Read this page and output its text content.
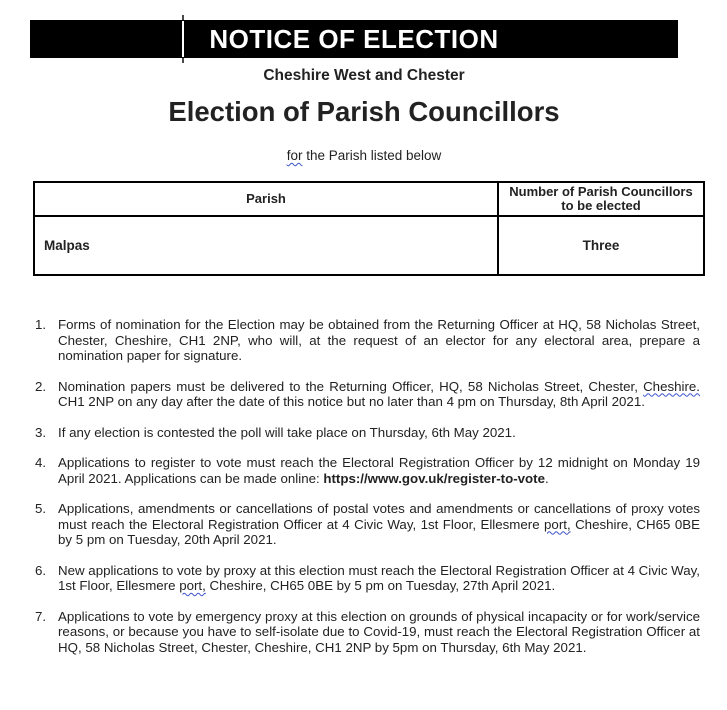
NOTICE OF ELECTION
Cheshire West and Chester
Election of Parish Councillors
for the Parish listed below
Parish	Number of Parish Councillors to be elected
Malpas	Three
1. Forms of nomination for the Election may be obtained from the Returning Officer at HQ, 58 Nicholas Street, Chester, Cheshire, CH1 2NP, who will, at the request of an elector for any electoral area, prepare a nomination paper for signature.
2. Nomination papers must be delivered to the Returning Officer, HQ, 58 Nicholas Street, Chester, Cheshire. CH1 2NP on any day after the date of this notice but no later than 4 pm on Thursday, 8th April 2021.
3. If any election is contested the poll will take place on Thursday, 6th May 2021.
4. Applications to register to vote must reach the Electoral Registration Officer by 12 midnight on Monday 19 April 2021. Applications can be made online: https://www.gov.uk/register-to-vote.
5. Applications, amendments or cancellations of postal votes and amendments or cancellations of proxy votes must reach the Electoral Registration Officer at 4 Civic Way, 1st Floor, Ellesmere port, Cheshire, CH65 0BE by 5 pm on Tuesday, 20th April 2021.
6. New applications to vote by proxy at this election must reach the Electoral Registration Officer at 4 Civic Way, 1st Floor, Ellesmere port, Cheshire, CH65 0BE by 5 pm on Tuesday, 27th April 2021.
7. Applications to vote by emergency proxy at this election on grounds of physical incapacity or for work/service reasons, or because you have to self-isolate due to Covid-19, must reach the Electoral Registration Officer at HQ, 58 Nicholas Street, Chester, Cheshire, CH1 2NP by 5pm on Thursday, 6th May 2021.
